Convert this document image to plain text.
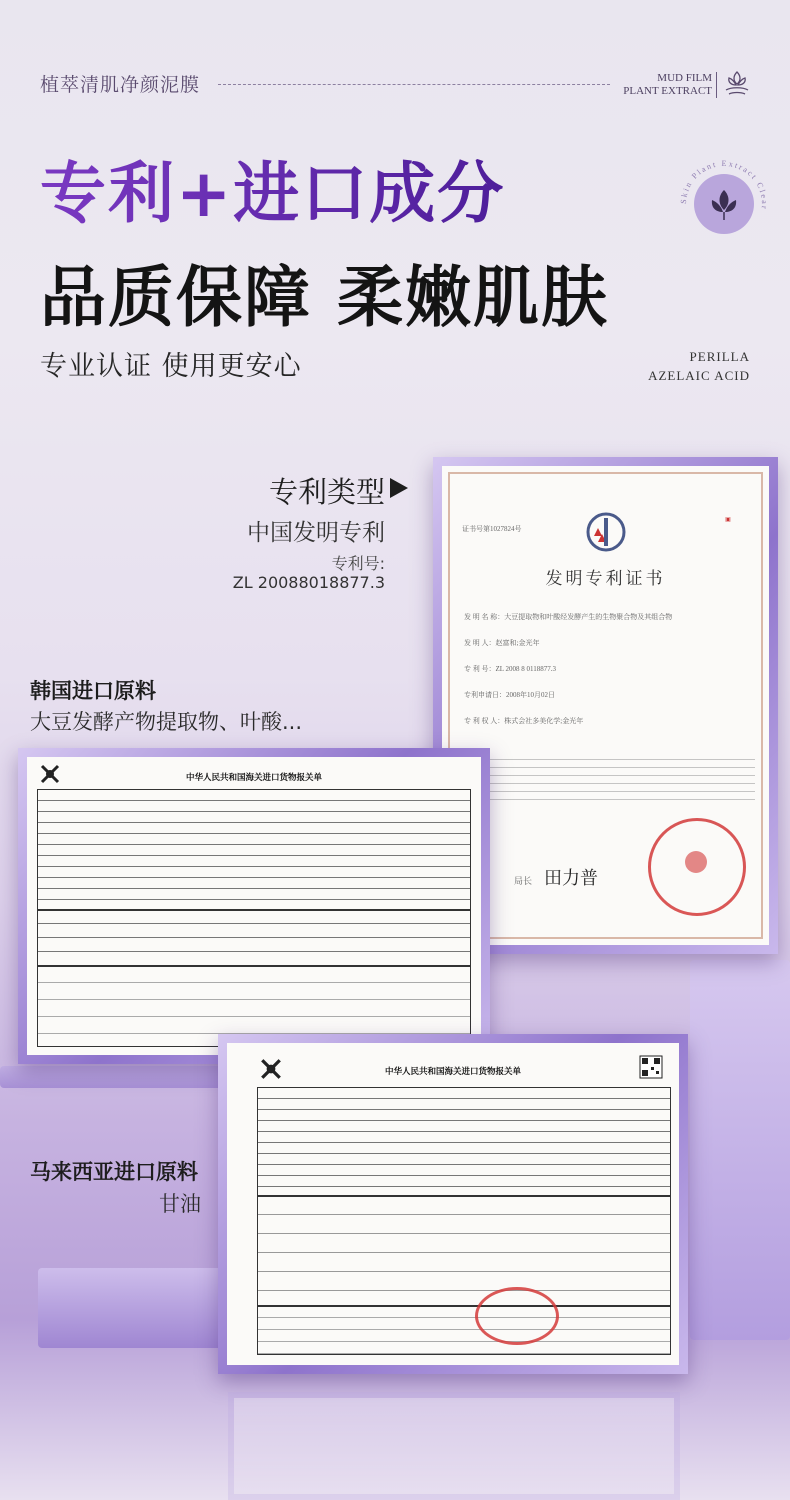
植萃清肌净颜泥膜	MUD FILM
PLANT EXTRACT
专利+进口成分
品质保障 柔嫩肌肤
专业认证 使用更安心
Skin Plant Extract Clear
PERILLA
AZELAIC ACID
专利类型
中国发明专利
专利号:
ZL 20088018877.3
韩国进口原料
大豆发酵产物提取物、叶酸...
证书号第1027824号
▣
发明专利证书
发 明 名 称：大豆提取物和叶酸经发酵产生的生物聚合物及其组合物
发 明 人：赵富和;金光年
专 利 号：ZL 2008 8 0118877.3
专利申请日：2008年10月02日
专 利 权 人：株式会社多美化学;金光年
局长 田力普
中华人民共和国海关进口货物报关单
中华人民共和国海关进口货物报关单
马来西亚进口原料
甘油
